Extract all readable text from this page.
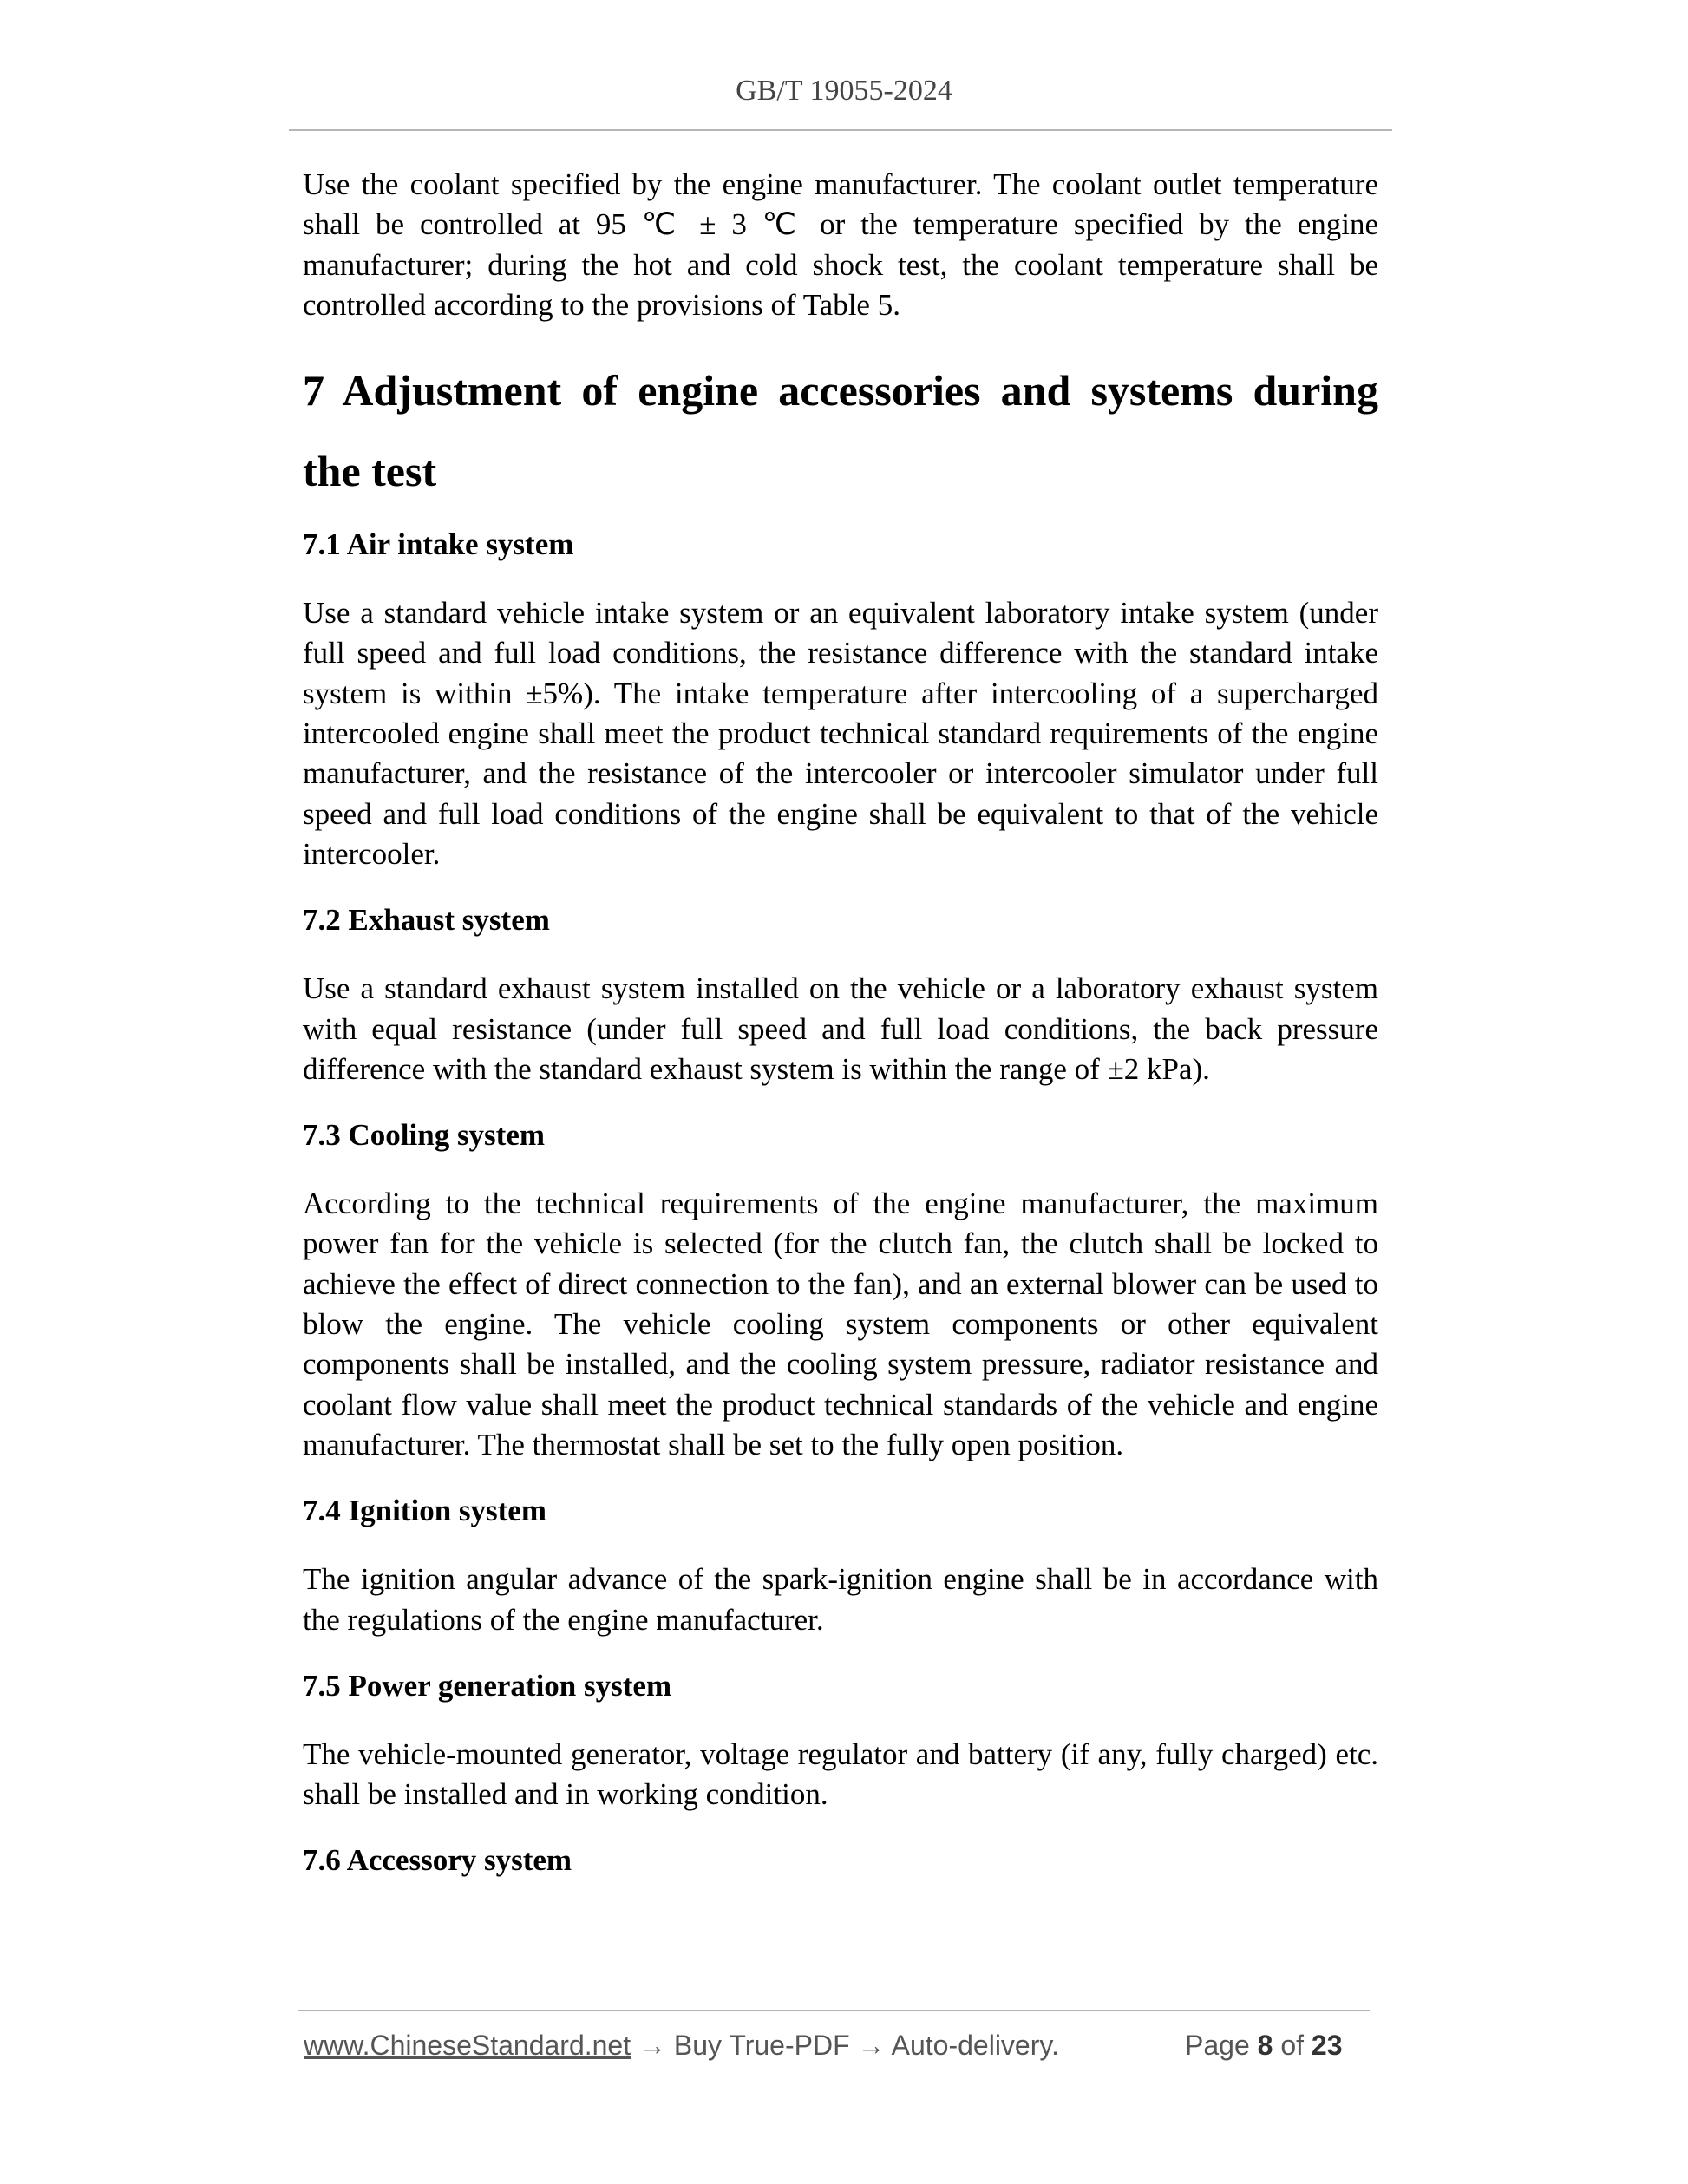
GB/T 19055-2024

Use the coolant specified by the engine manufacturer. The coolant outlet temperature shall be controlled at 95 ℃ ± 3 ℃ or the temperature specified by the engine manufacturer; during the hot and cold shock test, the coolant temperature shall be controlled according to the provisions of Table 5.

7 Adjustment of engine accessories and systems during the test

7.1 Air intake system

Use a standard vehicle intake system or an equivalent laboratory intake system (under full speed and full load conditions, the resistance difference with the standard intake system is within ±5%). The intake temperature after intercooling of a supercharged intercooled engine shall meet the product technical standard requirements of the engine manufacturer, and the resistance of the intercooler or intercooler simulator under full speed and full load conditions of the engine shall be equivalent to that of the vehicle intercooler.

7.2 Exhaust system

Use a standard exhaust system installed on the vehicle or a laboratory exhaust system with equal resistance (under full speed and full load conditions, the back pressure difference with the standard exhaust system is within the range of ±2 kPa).

7.3 Cooling system

According to the technical requirements of the engine manufacturer, the maximum power fan for the vehicle is selected (for the clutch fan, the clutch shall be locked to achieve the effect of direct connection to the fan), and an external blower can be used to blow the engine. The vehicle cooling system components or other equivalent components shall be installed, and the cooling system pressure, radiator resistance and coolant flow value shall meet the product technical standards of the vehicle and engine manufacturer. The thermostat shall be set to the fully open position.

7.4 Ignition system

The ignition angular advance of the spark-ignition engine shall be in accordance with the regulations of the engine manufacturer.

7.5 Power generation system

The vehicle-mounted generator, voltage regulator and battery (if any, fully charged) etc. shall be installed and in working condition.

7.6 Accessory system

www.ChineseStandard.net → Buy True-PDF → Auto-delivery.	Page 8 of 23
